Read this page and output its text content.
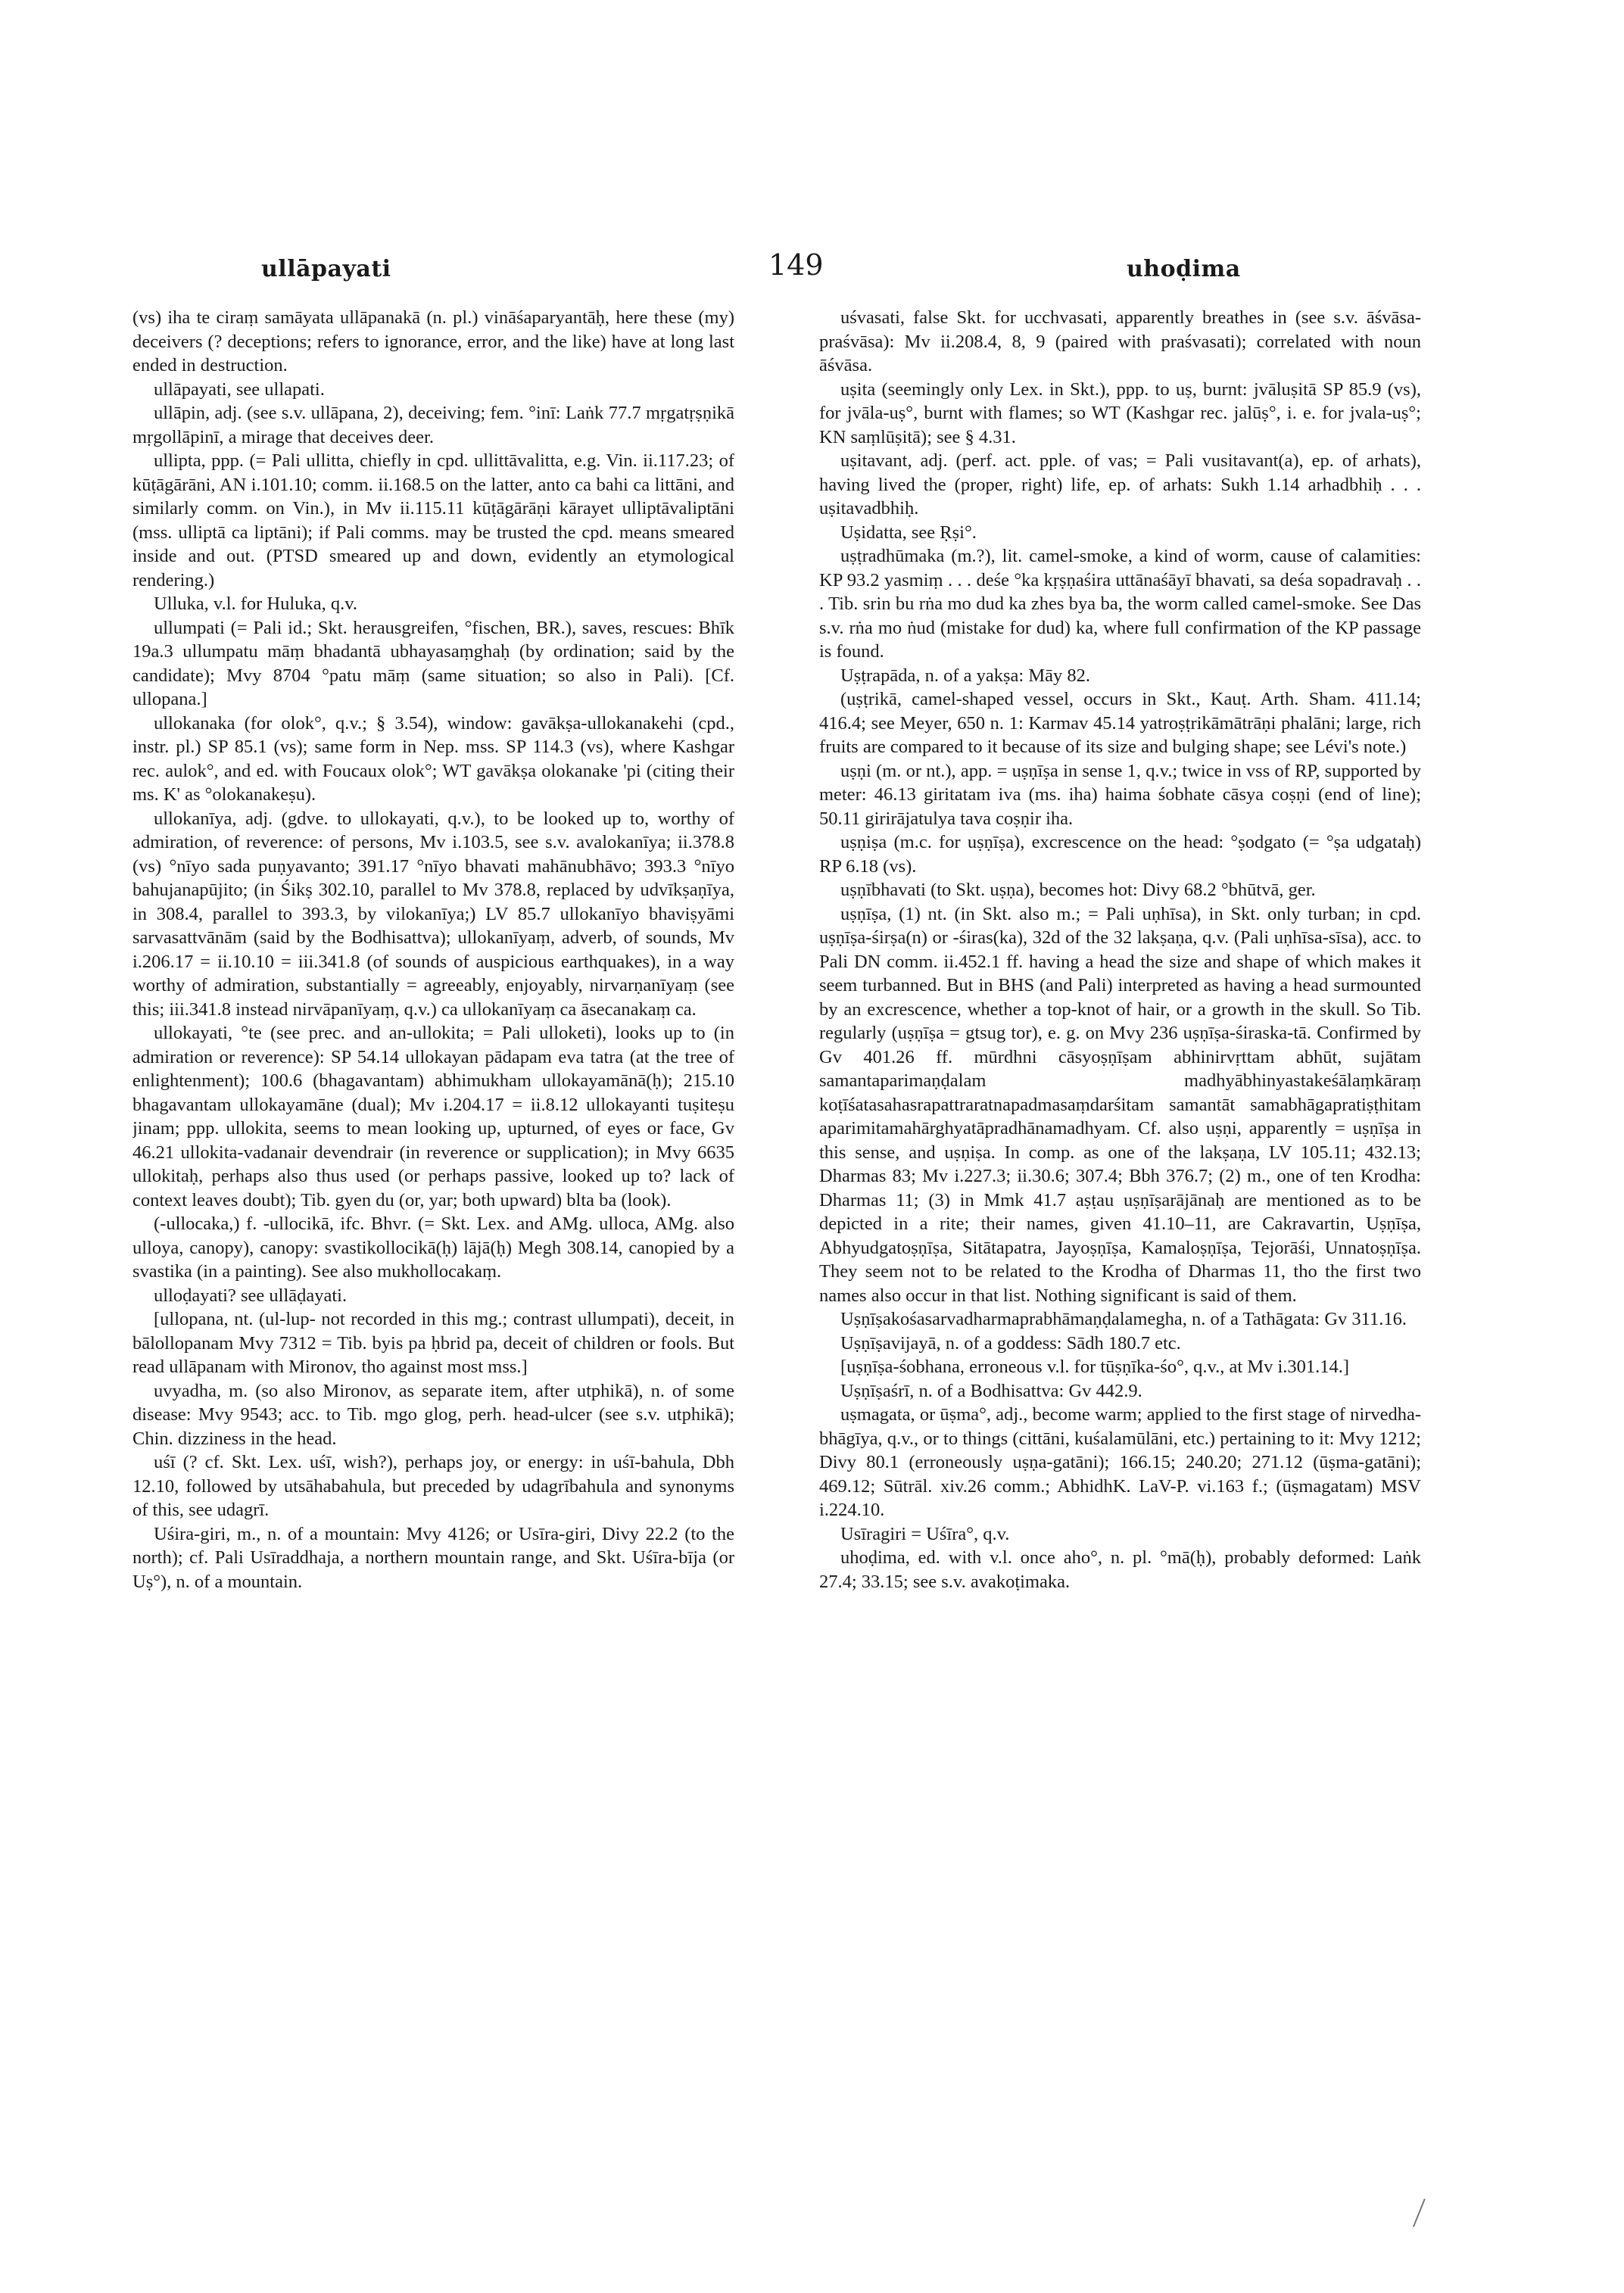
ullāpayati	149	uhoḍima

(vs) iha te ciraṃ samāyata ullāpanakā (n. pl.) vināśaparyantāḥ, here these (my) deceivers (? deceptions; refers to ignorance, error, and the like) have at long last ended in destruction.

ullāpayati, see ullapati.

ullāpin, adj. (see s.v. ullāpana, 2), deceiving; fem. °inī: Laṅk 77.7 mṛgatṛṣṇikā mṛgollāpinī, a mirage that deceives deer.

ullipta, ppp. (= Pali ullitta, chiefly in cpd. ullittāvalitta, e.g. Vin. ii.117.23; of kūṭāgārāni, AN i.101.10; comm. ii.168.5 on the latter, anto ca bahi ca littāni, and similarly comm. on Vin.), in Mv ii.115.11 kūṭāgārāṇi kārayet ulliptāvaliptāni (mss. ulliptā ca liptāni); if Pali comms. may be trusted the cpd. means smeared inside and out. (PTSD smeared up and down, evidently an etymological rendering.)

Ulluka, v.l. for Huluka, q.v.

ullumpati (= Pali id.; Skt. herausgreifen, °fischen, BR.), saves, rescues: Bhīk 19a.3 ullumpatu māṃ bhadantā ubhayasaṃghaḥ (by ordination; said by the candidate); Mvy 8704 °patu māṃ (same situation; so also in Pali). [Cf. ullopana.]

ullokanaka (for olok°, q.v.; § 3.54), window: gavākṣa-ullokanakehi (cpd., instr. pl.) SP 85.1 (vs); same form in Nep. mss. SP 114.3 (vs), where Kashgar rec. aulok°, and ed. with Foucaux olok°; WT gavākṣa olokanake 'pi (citing their ms. K' as °olokanakeṣu).

ullokanīya, adj. (gdve. to ullokayati, q.v.), to be looked up to, worthy of admiration, of reverence: of persons, Mv i.103.5, see s.v. avalokanīya; ii.378.8 (vs) °nīyo sada puṇyavanto; 391.17 °nīyo bhavati mahānubhāvo; 393.3 °nīyo bahujanapūjito; (in Śikṣ 302.10, parallel to Mv 378.8, replaced by udvīkṣaṇīya, in 308.4, parallel to 393.3, by vilokanīya;) LV 85.7 ullokanīyo bhaviṣyāmi sarvasattvānām (said by the Bodhisattva); ullokanīyaṃ, adverb, of sounds, Mv i.206.17 = ii.10.10 = iii.341.8 (of sounds of auspicious earthquakes), in a way worthy of admiration, substantially = agreeably, enjoyably, nirvarṇanīyaṃ (see this; iii.341.8 instead nirvāpanīyaṃ, q.v.) ca ullokanīyaṃ ca āsecanakaṃ ca.

ullokayati, °te (see prec. and an-ullokita; = Pali ulloketi), looks up to (in admiration or reverence): SP 54.14 ullokayan pādapam eva tatra (at the tree of enlightenment); 100.6 (bhagavantam) abhimukham ullokayamānā(ḥ); 215.10 bhagavantam ullokayamāne (dual); Mv i.204.17 = ii.8.12 ullokayanti tuṣiteṣu jinam; ppp. ullokita, seems to mean looking up, upturned, of eyes or face, Gv 46.21 ullokita-vadanair devendrair (in reverence or supplication); in Mvy 6635 ullokitaḥ, perhaps also thus used (or perhaps passive, looked up to? lack of context leaves doubt); Tib. gyen du (or, yar; both upward) blta ba (look).

(-ullocaka,) f. -ullocikā, ifc. Bhvr. (= Skt. Lex. and AMg. ulloca, AMg. also ulloya, canopy), canopy: svastikollocikā(ḥ) lājā(ḥ) Megh 308.14, canopied by a svastika (in a painting). See also mukhollocakaṃ.

ulloḍayati? see ullāḍayati.

[ullopana, nt. (ul-lup- not recorded in this mg.; contrast ullumpati), deceit, in bālollopanam Mvy 7312 = Tib. byis pa ḥbrid pa, deceit of children or fools. But read ullāpanam with Mironov, tho against most mss.]

uvyadha, m. (so also Mironov, as separate item, after utphikā), n. of some disease: Mvy 9543; acc. to Tib. mgo glog, perh. head-ulcer (see s.v. utphikā); Chin. dizziness in the head.

uśī (? cf. Skt. Lex. uśī, wish?), perhaps joy, or energy: in uśī-bahula, Dbh 12.10, followed by utsāhabahula, but preceded by udagrībahula and synonyms of this, see udagrī.

Uśira-giri, m., n. of a mountain: Mvy 4126; or Usīra-giri, Divy 22.2 (to the north); cf. Pali Usīraddhaja, a northern mountain range, and Skt. Uśīra-bīja (or Uṣ°), n. of a mountain.

uśvasati, false Skt. for ucchvasati, apparently breathes in (see s.v. āśvāsa-praśvāsa): Mv ii.208.4, 8, 9 (paired with praśvasati); correlated with noun āśvāsa.

uṣita (seemingly only Lex. in Skt.), ppp. to uṣ, burnt: jvāluṣitā SP 85.9 (vs), for jvāla-uṣ°, burnt with flames; so WT (Kashgar rec. jalūṣ°, i. e. for jvala-uṣ°; KN saṃlūṣitā); see § 4.31.

uṣitavant, adj. (perf. act. pple. of vas; = Pali vusitavant(a), ep. of arhats), having lived the (proper, right) life, ep. of arhats: Sukh 1.14 arhadbhiḥ . . . uṣitavadbhiḥ.

Uṣidatta, see Ṛṣi°.

uṣṭradhūmaka (m.?), lit. camel-smoke, a kind of worm, cause of calamities: KP 93.2 yasmiṃ . . . deśe °ka kṛṣṇaśira uttānaśāyī bhavati, sa deśa sopadravaḥ . . . Tib. srin bu rṅa mo dud ka zhes bya ba, the worm called camel-smoke. See Das s.v. rṅa mo ṅud (mistake for dud) ka, where full confirmation of the KP passage is found.

Uṣṭrapāda, n. of a yakṣa: Māy 82.

(uṣṭrikā, camel-shaped vessel, occurs in Skt., Kauṭ. Arth. Sham. 411.14; 416.4; see Meyer, 650 n. 1: Karmav 45.14 yatroṣṭrikāmātrāṇi phalāni; large, rich fruits are compared to it because of its size and bulging shape; see Lévi's note.)

uṣṇi (m. or nt.), app. = uṣṇīṣa in sense 1, q.v.; twice in vss of RP, supported by meter: 46.13 giritatam iva (ms. iha) haima śobhate cāsya coṣṇi (end of line); 50.11 girirājatulya tava coṣṇir iha.

uṣṇiṣa (m.c. for uṣṇīṣa), excrescence on the head: °ṣodgato (= °ṣa udgataḥ) RP 6.18 (vs).

uṣṇībhavati (to Skt. uṣṇa), becomes hot: Divy 68.2 °bhūtvā, ger.

uṣṇīṣa, (1) nt. (in Skt. also m.; = Pali uṇhīsa), in Skt. only turban; in cpd. uṣṇīṣa-śirṣa(n) or -śiras(ka), 32d of the 32 lakṣaṇa, q.v. (Pali uṇhīsa-sīsa), acc. to Pali DN comm. ii.452.1 ff. having a head the size and shape of which makes it seem turbanned. But in BHS (and Pali) interpreted as having a head surmounted by an excrescence, whether a top-knot of hair, or a growth in the skull. So Tib. regularly (uṣṇīṣa = gtsug tor), e. g. on Mvy 236 uṣṇīṣa-śiraska-tā. Confirmed by Gv 401.26 ff. mūrdhni cāsyoṣṇīṣam abhinirvṛttam abhūt, sujātam samantaparimaṇḍalam madhyābhinyastakeśālaṃkāraṃ koṭīśatasahasrapattraratnapadmasaṃdarśitam samantāt samabhāgapratiṣṭhitam aparimitamahārghyatāpradhānamadhyam. Cf. also uṣṇi, apparently = uṣṇīṣa in this sense, and uṣṇiṣa. In comp. as one of the lakṣaṇa, LV 105.11; 432.13; Dharmas 83; Mv i.227.3; ii.30.6; 307.4; Bbh 376.7; (2) m., one of ten Krodha: Dharmas 11; (3) in Mmk 41.7 aṣṭau uṣṇīṣarājānaḥ are mentioned as to be depicted in a rite; their names, given 41.10–11, are Cakravartin, Uṣṇīṣa, Abhyudgatoṣṇīṣa, Sitātapatra, Jayoṣṇīṣa, Kamaloṣṇīṣa, Tejorāśi, Unnatoṣṇīṣa. They seem not to be related to the Krodha of Dharmas 11, tho the first two names also occur in that list. Nothing significant is said of them.

Uṣṇīṣakośasarvadharmaprabhāmaṇḍalamegha, n. of a Tathāgata: Gv 311.16.

Uṣṇīṣavijayā, n. of a goddess: Sādh 180.7 etc.

[uṣṇīṣa-śobhana, erroneous v.l. for tūṣṇīka-śo°, q.v., at Mv i.301.14.]

Uṣṇīṣaśrī, n. of a Bodhisattva: Gv 442.9.

uṣmagata, or ūṣma°, adj., become warm; applied to the first stage of nirvedha-bhāgīya, q.v., or to things (cittāni, kuśalamūlāni, etc.) pertaining to it: Mvy 1212; Divy 80.1 (erroneously uṣṇa-gatāni); 166.15; 240.20; 271.12 (ūṣma-gatāni); 469.12; Sūtrāl. xiv.26 comm.; AbhidhK. LaV-P. vi.163 f.; (ūṣmagatam) MSV i.224.10.

Usīragiri = Uśīra°, q.v.

uhoḍima, ed. with v.l. once aho°, n. pl. °mā(ḥ), probably deformed: Laṅk 27.4; 33.15; see s.v. avakoṭimaka.
